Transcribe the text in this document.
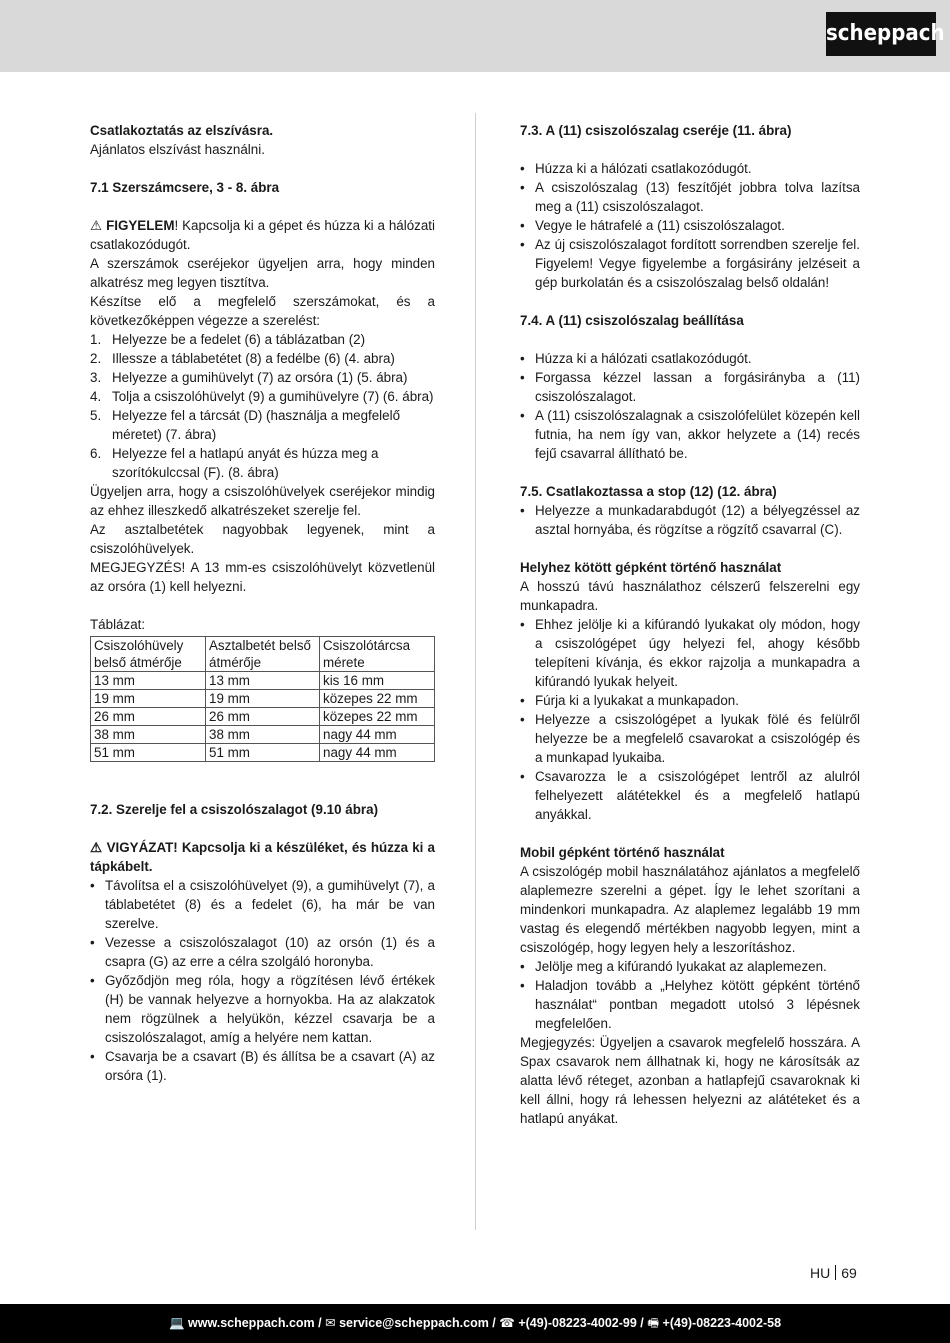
scheppach

Csatlakoztatás az elszívásra.

Ajánlatos elszívást használni.

7.1 Szerszámcsere, 3 - 8. ábra

⚠ FIGYELEM! Kapcsolja ki a gépet és húzza ki a hálózati csatlakozódugót.

A szerszámok cseréjekor ügyeljen arra, hogy minden alkatrész meg legyen tisztítva.

Készítse elő a megfelelő szerszámokat, és a következőképpen végezze a szerelést:

1. Helyezze be a fedelet (6) a táblázatban (2)
2. Illessze a táblabetétet (8) a fedélbe (6) (4. abra)
3. Helyezze a gumihüvelyt (7) az orsóra (1) (5. ábra)
4. Tolja a csiszolóhüvelyt (9) a gumihüvelyre (7) (6. ábra)
5. Helyezze fel a tárcsát (D) (használja a megfelelő méretet) (7. ábra)
6. Helyezze fel a hatlapú anyát és húzza meg a szorítókulccsal (F). (8. ábra)

Ügyeljen arra, hogy a csiszolóhüvelyek cseréjekor mindig az ehhez illeszkedő alkatrészeket szerelje fel.

Az asztalbetétek nagyobbak legyenek, mint a csiszolóhüvelyek.

MEGJEGYZÉS! A 13 mm-es csiszolóhüvelyt közvetlenül az orsóra (1) kell helyezni.

Táblázat:

Csiszolóhüvely belső átmérője	Asztalbetét belső átmérője	Csiszolótárcsa mérete
13 mm	13 mm	kis 16 mm
19 mm	19 mm	közepes 22 mm
26 mm	26 mm	közepes 22 mm
38 mm	38 mm	nagy 44 mm
51 mm	51 mm	nagy 44 mm

7.2. Szerelje fel a csiszolószalagot (9.10 ábra)

⚠ VIGYÁZAT! Kapcsolja ki a készüléket, és húzza ki a tápkábelt.

• Távolítsa el a csiszolóhüvelyet (9), a gumihüvelyt (7), a táblabetétet (8) és a fedelet (6), ha már be van szerelve.
• Vezesse a csiszolószalagot (10) az orsón (1) és a csapra (G) az erre a célra szolgáló horonyba.
• Győződjön meg róla, hogy a rögzítésen lévő értékek (H) be vannak helyezve a hornyokba. Ha az alakzatok nem rögzülnek a helyükön, kézzel csavarja be a csiszolószalagot, amíg a helyére nem kattan.
• Csavarja be a csavart (B) és állítsa be a csavart (A) az orsóra (1).

7.3. A (11) csiszolószalag cseréje (11. ábra)

• Húzza ki a hálózati csatlakozódugót.
• A csiszolószalag (13) feszítőjét jobbra tolva lazítsa meg a (11) csiszolószalagot.
• Vegye le hátrafelé a (11) csiszolószalagot.
• Az új csiszolószalagot fordított sorrendben szerelje fel. Figyelem! Vegye figyelembe a forgásirány jelzéseit a gép burkolatán és a csiszolószalag belső oldalán!

7.4. A (11) csiszolószalag beállítása

• Húzza ki a hálózati csatlakozódugót.
• Forgassa kézzel lassan a forgásirányba a (11) csiszolószalagot.
• A (11) csiszolószalagnak a csiszolófelület közepén kell futnia, ha nem így van, akkor helyzete a (14) recés fejű csavarral állítható be.

7.5. Csatlakoztassa a stop (12) (12. ábra)

• Helyezze a munkadarabdugót (12) a bélyegzéssel az asztal hornyába, és rögzítse a rögzítő csavarral (C).

Helyhez kötött gépként történő használat

A hosszú távú használathoz célszerű felszerelni egy munkapadra.

• Ehhez jelölje ki a kifúrandó lyukakat oly módon, hogy a csiszológépet úgy helyezi fel, ahogy később telepíteni kívánja, és ekkor rajzolja a munkapadra a kifúrandó lyukak helyeit.
• Fúrja ki a lyukakat a munkapadon.
• Helyezze a csiszológépet a lyukak fölé és felülről helyezze be a megfelelő csavarokat a csiszológép és a munkapad lyukaiba.
• Csavarozza le a csiszológépet lentről az alulról felhelyezett alátétekkel és a megfelelő hatlapú anyákkal.

Mobil gépként történő használat

A csiszológép mobil használatához ajánlatos a megfelelő alaplemezre szerelni a gépet. Így le lehet szorítani a mindenkori munkapadra. Az alaplemez legalább 19 mm vastag és elegendő mértékben nagyobb legyen, mint a csiszológép, hogy legyen hely a leszorításhoz.

• Jelölje meg a kifúrandó lyukakat az alaplemezen.
• Haladjon tovább a „Helyhez kötött gépként történő használat“ pontban megadott utolsó 3 lépésnek megfelelően.

Megjegyzés: Ügyeljen a csavarok megfelelő hosszára. A Spax csavarok nem állhatnak ki, hogy ne károsítsák az alatta lévő réteget, azonban a hatlapfejű csavaroknak ki kell állni, hogy rá lehessen helyezni az alátéteket és a hatlapú anyákat.

HU 69
💻 www.scheppach.com / ✉ service@scheppach.com / ☎ +(49)-08223-4002-99 / 🖷 +(49)-08223-4002-58
